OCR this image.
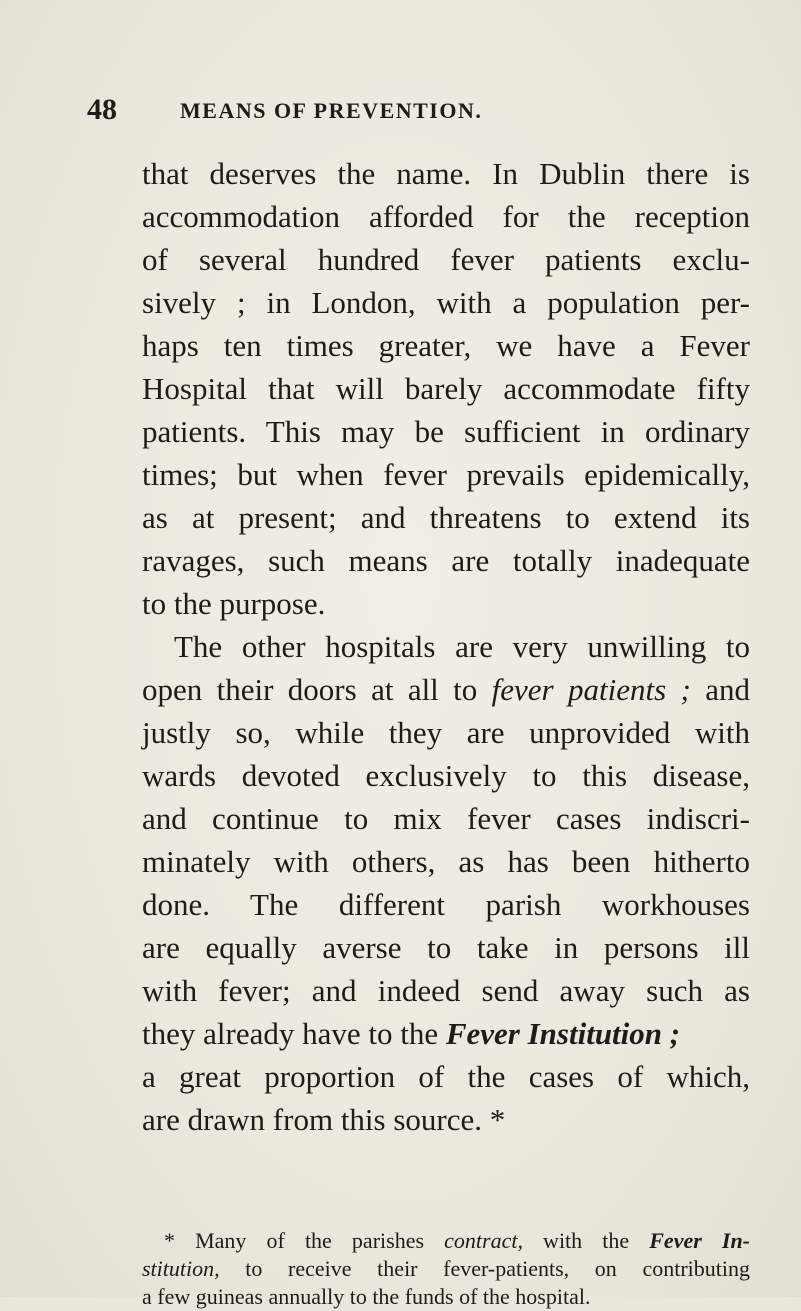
48	MEANS OF PREVENTION.
that deserves the name. In Dublin there is
accommodation afforded for the reception
of several hundred fever patients exclu-
sively ; in London, with a population per-
haps ten times greater, we have a Fever
Hospital that will barely accommodate fifty
patients. This may be sufficient in ordinary
times; but when fever prevails epidemically,
as at present; and threatens to extend its
ravages, such means are totally inadequate
to the purpose.
The other hospitals are very unwilling to
open their doors at all to fever patients ; and
justly so, while they are unprovided with
wards devoted exclusively to this disease,
and continue to mix fever cases indiscri-
minately with others, as has been hitherto
done. The different parish workhouses
are equally averse to take in persons ill
with fever; and indeed send away such as
they already have to the Fever Institution ;
a great proportion of the cases of which,
are drawn from this source. *
* Many of the parishes contract, with the Fever In-
stitution, to receive their fever-patients, on contributing
a few guineas annually to the funds of the hospital.
